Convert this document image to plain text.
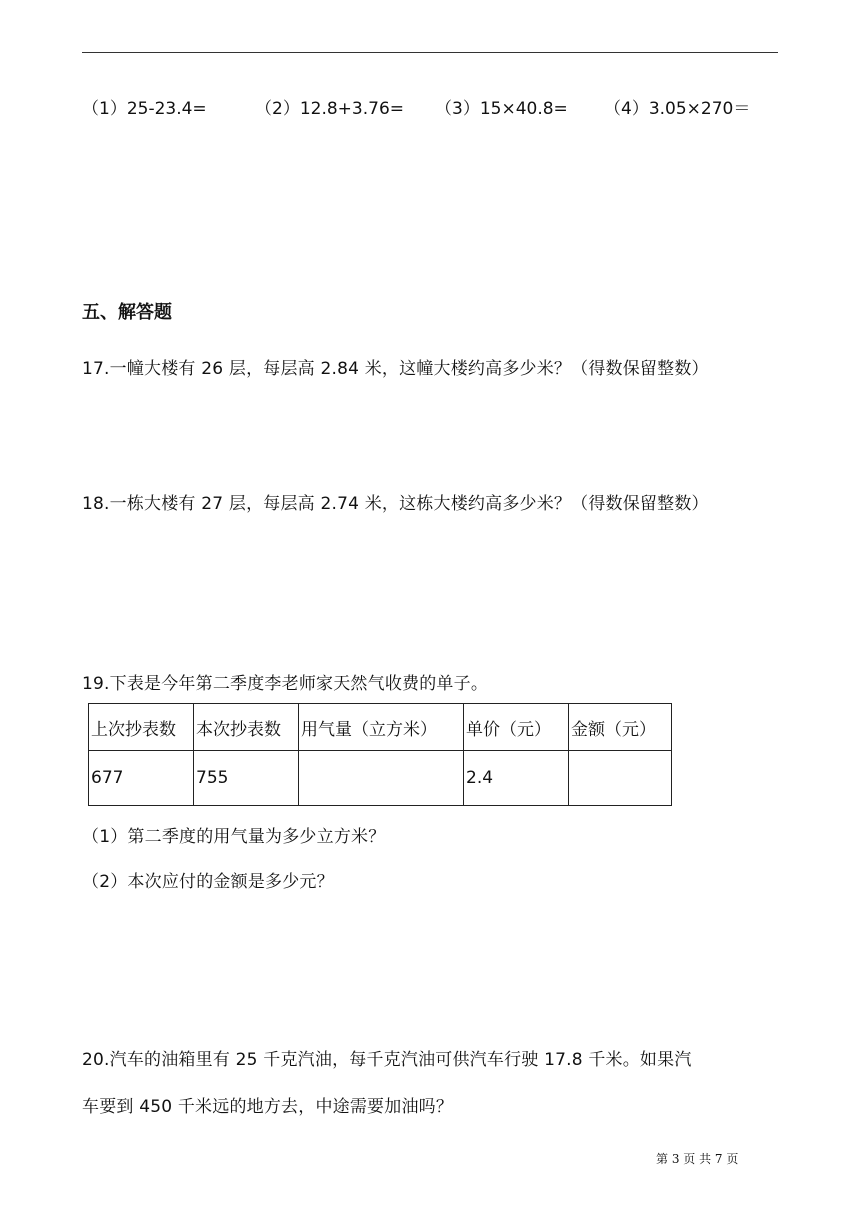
（1）25-23.4=	（2）12.8+3.76= （3）15×40.8= （4）3.05×270＝
五、解答题
17.一幢大楼有 26 层，每层高 2.84 米，这幢大楼约高多少米？（得数保留整数）
18.一栋大楼有 27 层，每层高 2.74 米，这栋大楼约高多少米？（得数保留整数）
19.下表是今年第二季度李老师家天然气收费的单子。
上次抄表数	本次抄表数	用气量（立方米）	单价（元）	金额（元）
677	755		2.4	
（1）第二季度的用气量为多少立方米？
（2）本次应付的金额是多少元？
20.汽车的油箱里有 25 千克汽油，每千克汽油可供汽车行驶 17.8 千米。如果汽
车要到 450 千米远的地方去，中途需要加油吗？
第 3 页 共 7 页
